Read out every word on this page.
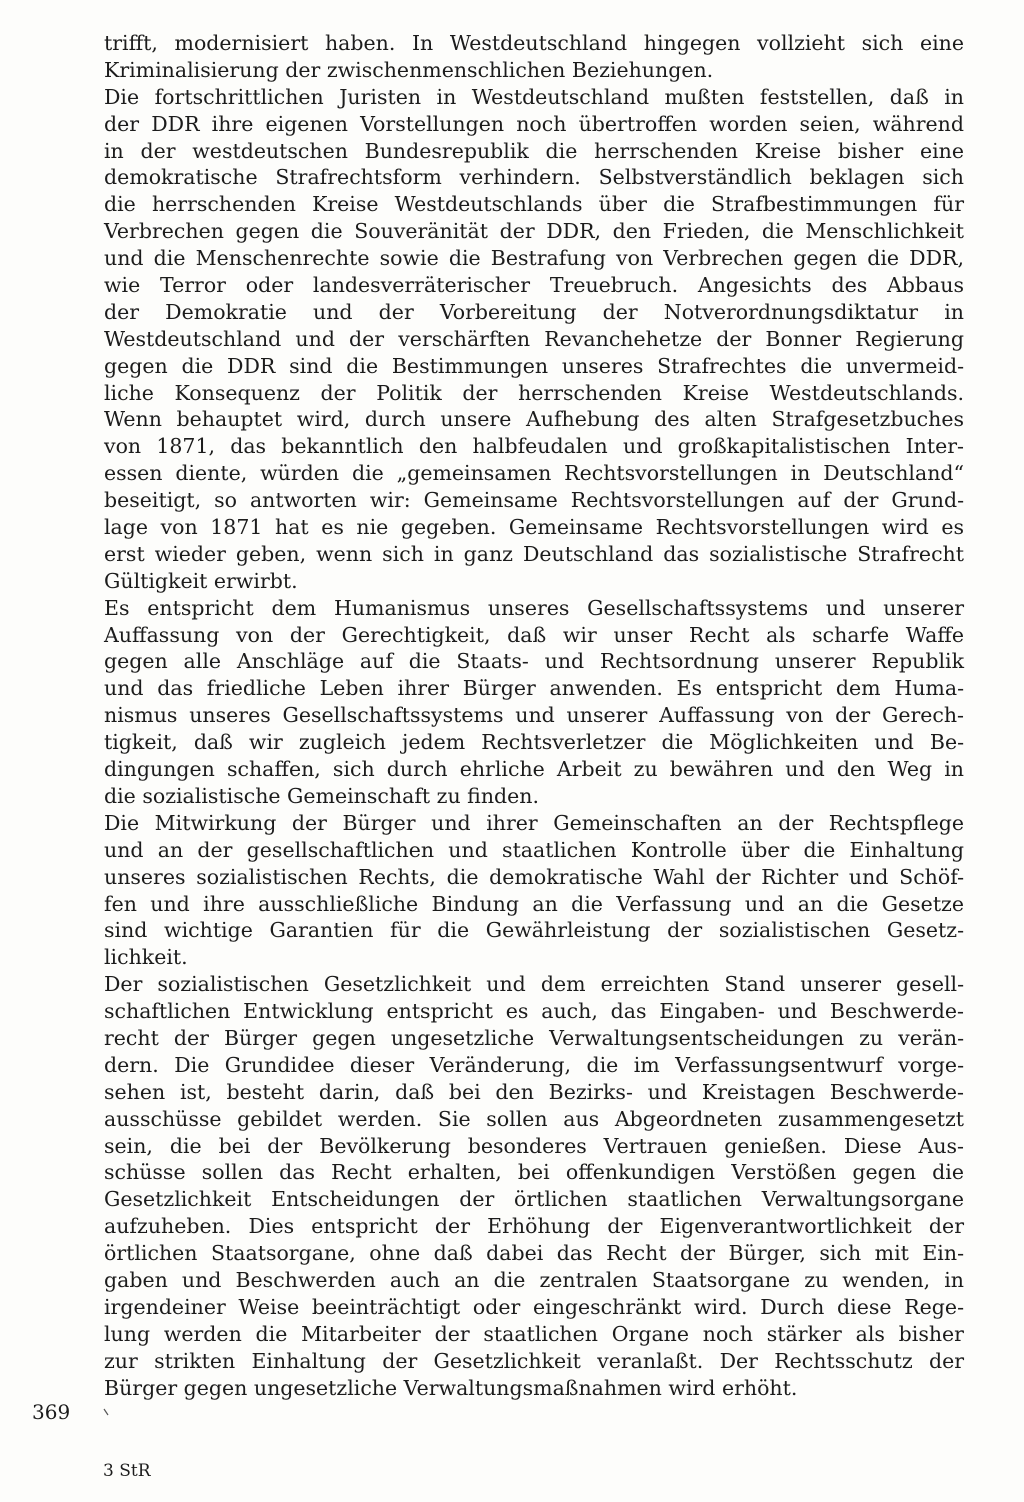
trifft, modernisiert haben. In Westdeutschland hingegen vollzieht sich eine
Kriminalisierung der zwischenmenschlichen Beziehungen.
Die fortschrittlichen Juristen in Westdeutschland mußten feststellen, daß in
der DDR ihre eigenen Vorstellungen noch übertroffen worden seien, während
in der westdeutschen Bundesrepublik die herrschenden Kreise bisher eine
demokratische Strafrechtsform verhindern. Selbstverständlich beklagen sich
die herrschenden Kreise Westdeutschlands über die Strafbestimmungen für
Verbrechen gegen die Souveränität der DDR, den Frieden, die Menschlichkeit
und die Menschenrechte sowie die Bestrafung von Verbrechen gegen die DDR,
wie Terror oder landesverräterischer Treuebruch. Angesichts des Abbaus
der Demokratie und der Vorbereitung der Notverordnungsdiktatur in
Westdeutschland und der verschärften Revanchehetze der Bonner Regierung
gegen die DDR sind die Bestimmungen unseres Strafrechtes die unvermeid-
liche Konsequenz der Politik der herrschenden Kreise Westdeutschlands.
Wenn behauptet wird, durch unsere Aufhebung des alten Strafgesetzbuches
von 1871, das bekanntlich den halbfeudalen und großkapitalistischen Inter-
essen diente, würden die „gemeinsamen Rechtsvorstellungen in Deutschland“
beseitigt, so antworten wir: Gemeinsame Rechtsvorstellungen auf der Grund-
lage von 1871 hat es nie gegeben. Gemeinsame Rechtsvorstellungen wird es
erst wieder geben, wenn sich in ganz Deutschland das sozialistische Strafrecht
Gültigkeit erwirbt.
Es entspricht dem Humanismus unseres Gesellschaftssystems und unserer
Auffassung von der Gerechtigkeit, daß wir unser Recht als scharfe Waffe
gegen alle Anschläge auf die Staats- und Rechtsordnung unserer Republik
und das friedliche Leben ihrer Bürger anwenden. Es entspricht dem Huma-
nismus unseres Gesellschaftssystems und unserer Auffassung von der Gerech-
tigkeit, daß wir zugleich jedem Rechtsverletzer die Möglichkeiten und Be-
dingungen schaffen, sich durch ehrliche Arbeit zu bewähren und den Weg in
die sozialistische Gemeinschaft zu finden.
Die Mitwirkung der Bürger und ihrer Gemeinschaften an der Rechtspflege
und an der gesellschaftlichen und staatlichen Kontrolle über die Einhaltung
unseres sozialistischen Rechts, die demokratische Wahl der Richter und Schöf-
fen und ihre ausschließliche Bindung an die Verfassung und an die Gesetze
sind wichtige Garantien für die Gewährleistung der sozialistischen Gesetz-
lichkeit.
Der sozialistischen Gesetzlichkeit und dem erreichten Stand unserer gesell-
schaftlichen Entwicklung entspricht es auch, das Eingaben- und Beschwerde-
recht der Bürger gegen ungesetzliche Verwaltungsentscheidungen zu verän-
dern. Die Grundidee dieser Veränderung, die im Verfassungsentwurf vorge-
sehen ist, besteht darin, daß bei den Bezirks- und Kreistagen Beschwerde-
ausschüsse gebildet werden. Sie sollen aus Abgeordneten zusammengesetzt
sein, die bei der Bevölkerung besonderes Vertrauen genießen. Diese Aus-
schüsse sollen das Recht erhalten, bei offenkundigen Verstößen gegen die
Gesetzlichkeit Entscheidungen der örtlichen staatlichen Verwaltungsorgane
aufzuheben. Dies entspricht der Erhöhung der Eigenverantwortlichkeit der
örtlichen Staatsorgane, ohne daß dabei das Recht der Bürger, sich mit Ein-
gaben und Beschwerden auch an die zentralen Staatsorgane zu wenden, in
irgendeiner Weise beeinträchtigt oder eingeschränkt wird. Durch diese Rege-
lung werden die Mitarbeiter der staatlichen Organe noch stärker als bisher
zur strikten Einhaltung der Gesetzlichkeit veranlaßt. Der Rechtsschutz der
Bürger gegen ungesetzliche Verwaltungsmaßnahmen wird erhöht.
369
3 StR
